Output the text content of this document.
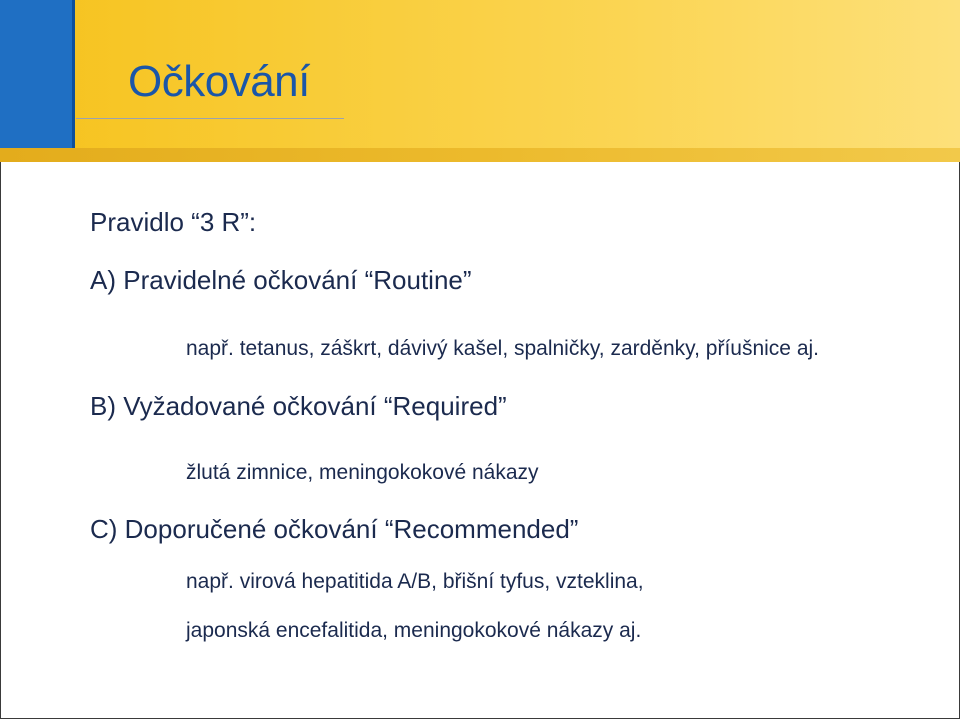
Očkování

Pravidlo “3 R”:

A) Pravidelné očkování “Routine”

např. tetanus, záškrt, dávivý kašel, spalničky, zarděnky, příušnice aj.

B) Vyžadované očkování “Required”

žlutá zimnice, meningokokové nákazy

C) Doporučené očkování “Recommended”

např. virová hepatitida A/B, břišní tyfus, vzteklina,

japonská encefalitida, meningokokové nákazy aj.
